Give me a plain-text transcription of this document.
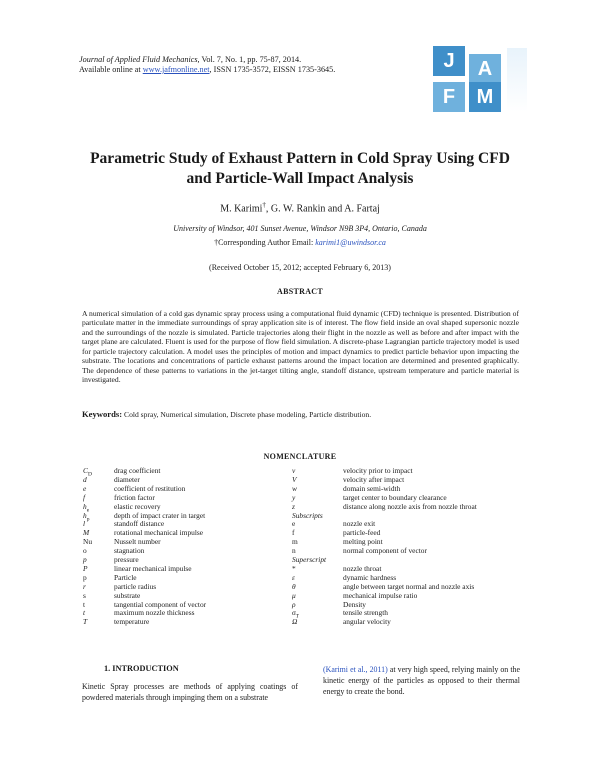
Journal of Applied Fluid Mechanics, Vol. 7, No. 1, pp. 75-87, 2014.
Available online at www.jafmonline.net, ISSN 1735-3572, EISSN 1735-3645.	J	A
F	M
Parametric Study of Exhaust Pattern in Cold Spray Using CFD
and Particle-Wall Impact Analysis
M. Karimi†, G. W. Rankin and A. Fartaj
University of Windsor, 401 Sunset Avenue, Windsor N9B 3P4, Ontario, Canada
†Corresponding Author Email: karimi1@uwindsor.ca
(Received October 15, 2012; accepted February 6, 2013)
ABSTRACT
A numerical simulation of a cold gas dynamic spray process using a computational fluid dynamic (CFD) technique is presented. Distribution of particulate matter in the immediate surroundings of spray application site is of interest. The flow field inside an oval shaped supersonic nozzle and the surroundings of the nozzle is simulated. Particle trajectories along their flight in the nozzle as well as before and after impact with the target plane are calculated. Fluent is used for the purpose of flow field simulation. A discrete-phase Lagrangian particle trajectory model is used for particle trajectory calculation. A model uses the principles of motion and impact dynamics to predict particle behavior upon impacting the substrate. The locations and concentrations of particle exhaust patterns around the impact location are determined and presented graphically. The dependence of these patterns to variations in the jet-target tilting angle, standoff distance, upstream temperature and particle material is investigated.
Keywords: Cold spray, Numerical simulation, Discrete phase modeling, Particle distribution.
NOMENCLATURE
$C_D$	drag coefficient
d	diameter
e	coefficient of restitution
f	friction factor
$h_e$	elastic recovery
$h_p$	depth of impact crater in target
l	standoff distance
M	rotational mechanical impulse
Nu	Nusselt number
o	stagnation
p	pressure
P	linear mechanical impulse
p	Particle
r	particle radius
s	substrate
t	tangential component of vector
t	maximum nozzle thickness
T	temperature
v	velocity prior to impact
V	velocity after impact
w	domain semi-width
y	target center to boundary clearance
z	distance along nozzle axis from nozzle throat
Subscripts
e	nozzle exit
f	particle-feed
m	melting point
n	normal component of vector
Superscript
*	nozzle throat
ε	dynamic hardness
θ	angle between target normal and nozzle axis
μ	mechanical impulse ratio
ρ	Density
$\sigma_T$	tensile strength
Ω	angular velocity
1. INTRODUCTION
Kinetic Spray processes are methods of applying coatings of powdered materials through impinging them on a substrate
(Karimi et al., 2011) at very high speed, relying mainly on the kinetic energy of the particles as opposed to their thermal energy to create the bond.
